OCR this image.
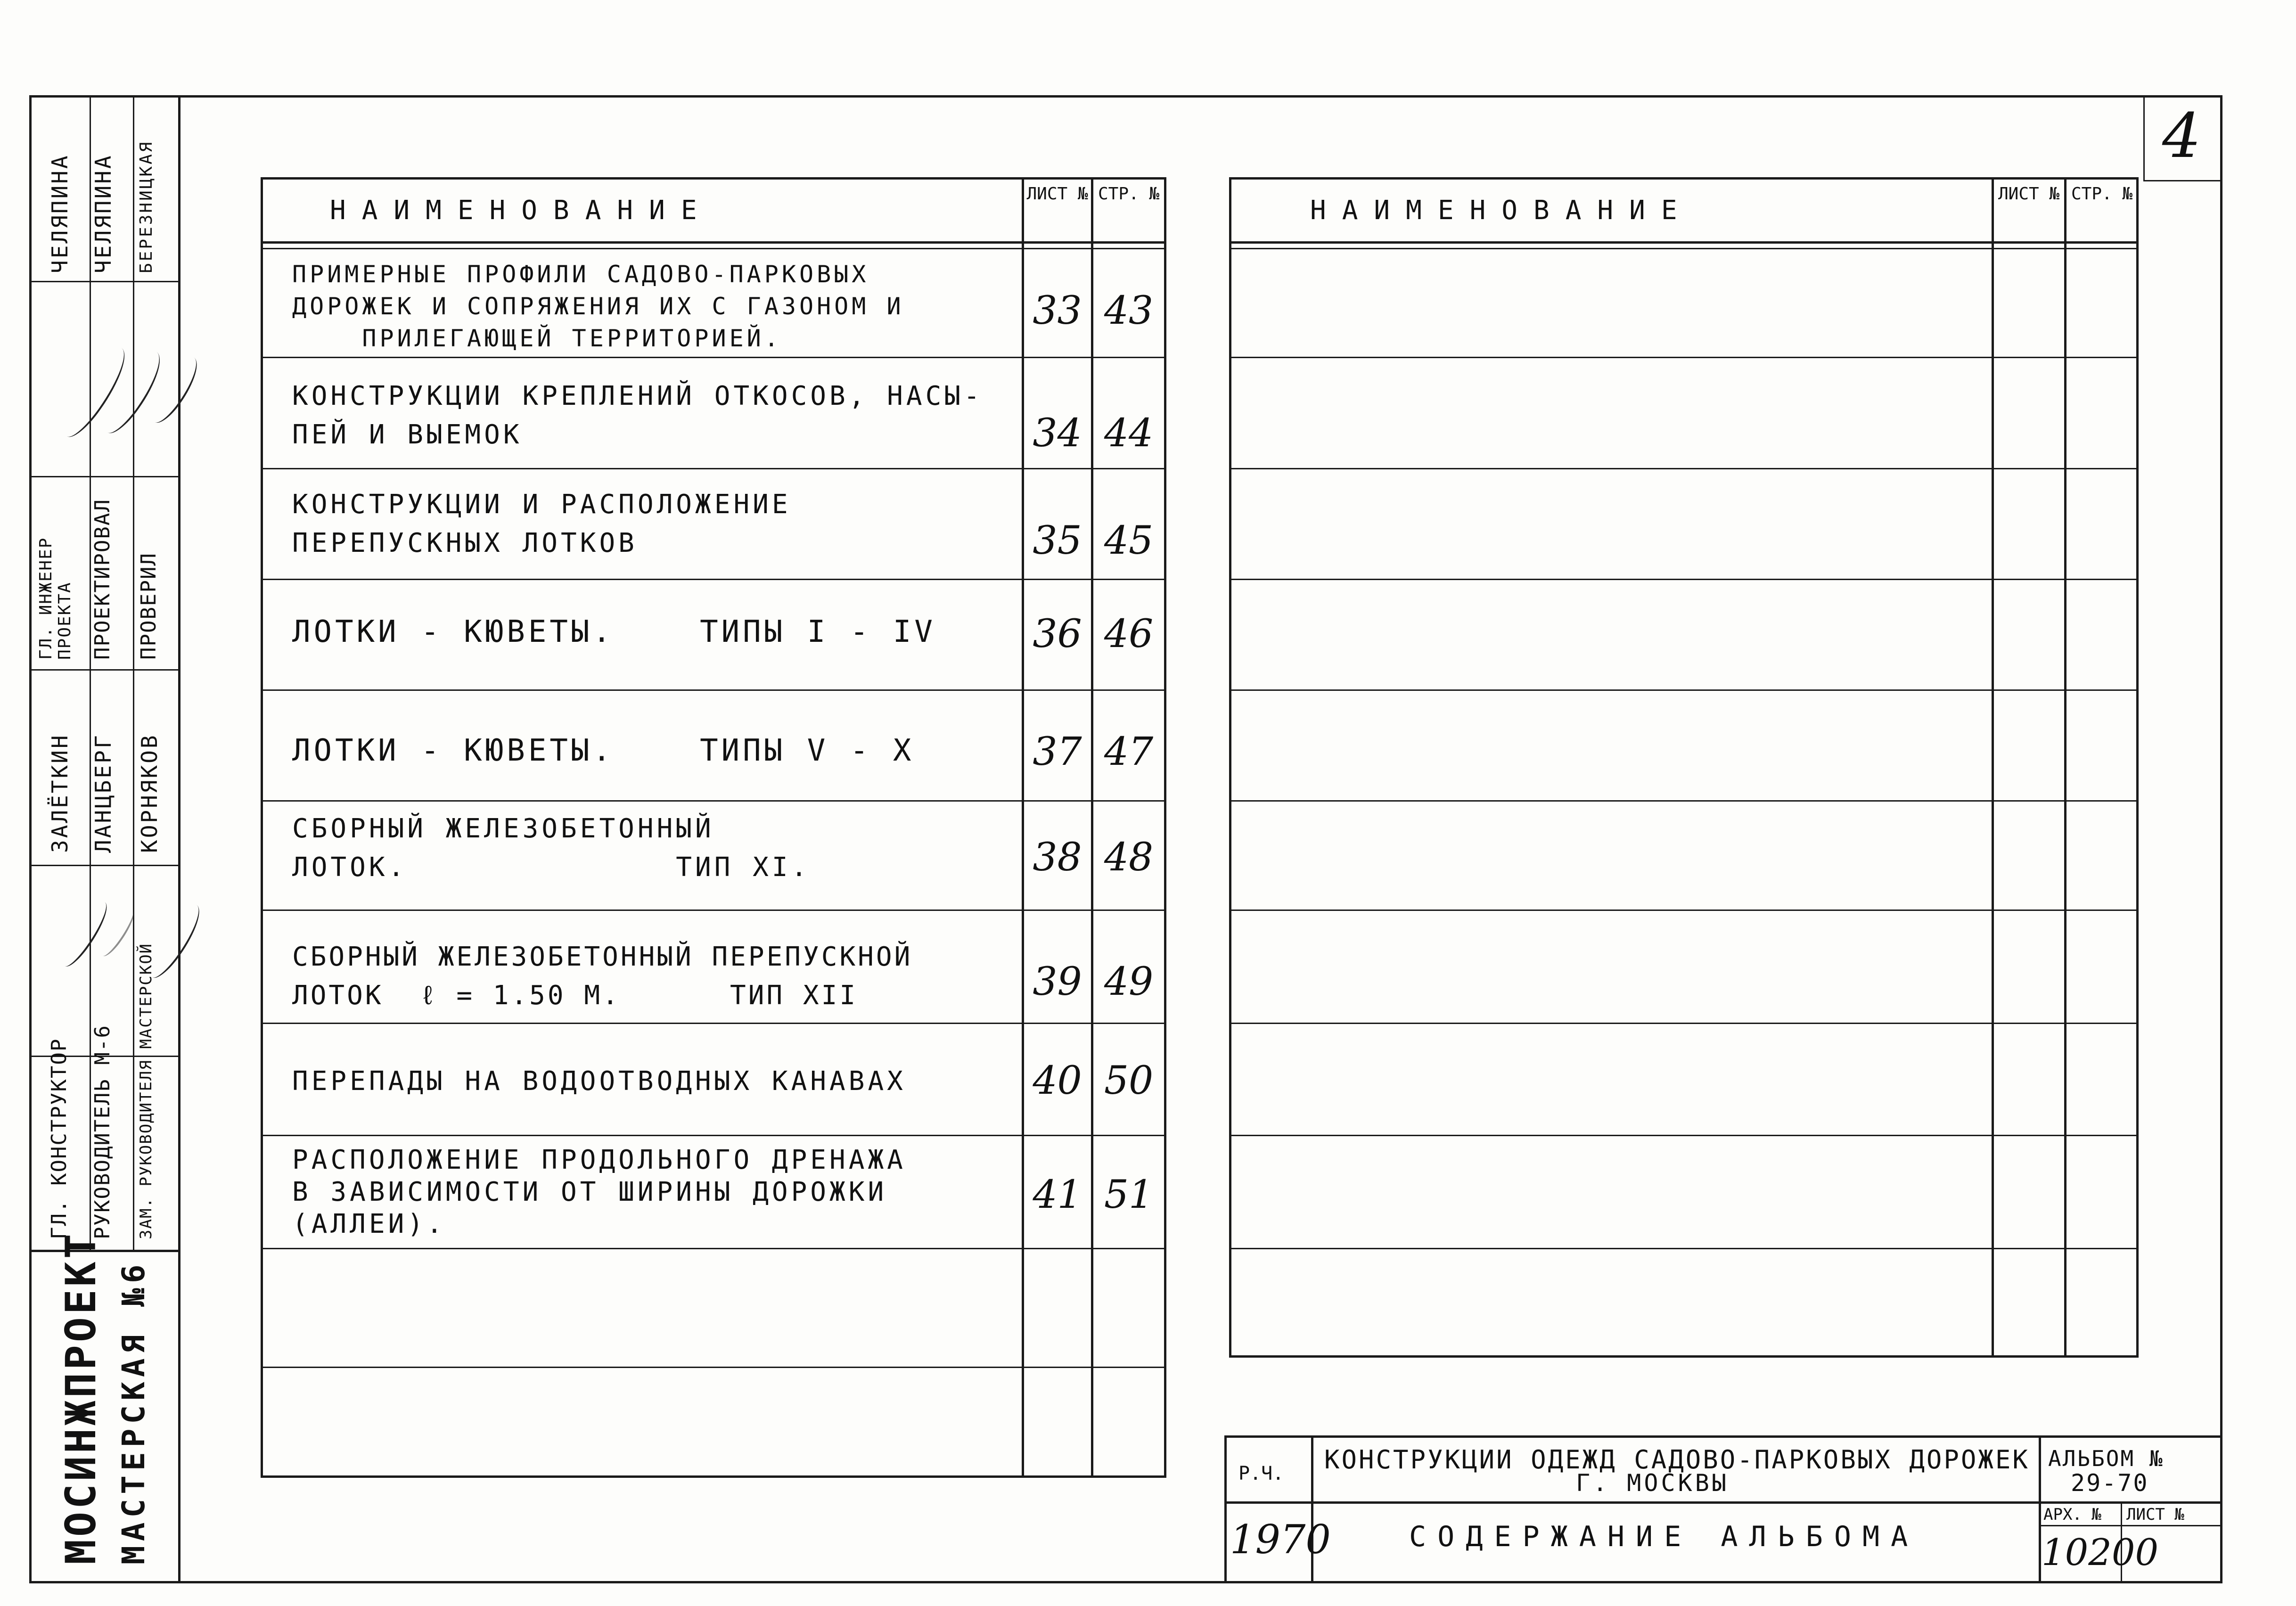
4
МОСИНЖПРОЕКТ МАСТЕРСКАЯ №6
ГЛ. КОНСТРУКТОР РУКОВОДИТЕЛЬ М-6 ЗАМ. РУКОВОДИТЕЛЯ МАСТЕРСКОЙ
ЗАЛЁТКИН ЛАНЦБЕРГ КОРНЯКОВ
ГЛ. ИНЖЕНЕР ПРОЕКТА ПРОЕКТИРОВАЛ ПРОВЕРИЛ
ЧЕЛЯПИНА ЧЕЛЯПИНА БЕРЕЗНИЦКАЯ	НАИМЕНОВАНИЕ
ЛИСТ № СТР. №
ПРИМЕРНЫЕ ПРОФИЛИ САДОВО-ПАРКОВЫХ
ДОРОЖЕК И СОПРЯЖЕНИЯ ИХ С ГАЗОНОМ И
ПРИЛЕГАЮЩЕЙ ТЕРРИТОРИЕЙ.
33 43
КОНСТРУКЦИИ КРЕПЛЕНИЙ ОТКОСОВ, НАСЫ-
ПЕЙ И ВЫЕМОК	34 44
КОНСТРУКЦИИ И РАСПОЛОЖЕНИЕ
ПЕРЕПУСКНЫХ ЛОТКОВ	35 45
ЛОТКИ - КЮВЕТЫ.    ТИПЫ I - IV	36 46
ЛОТКИ - КЮВЕТЫ.    ТИПЫ V - X	37 47
СБОРНЫЙ ЖЕЛЕЗОБЕТОННЫЙ
ЛОТОК.              ТИП XI.	38 48
СБОРНЫЙ ЖЕЛЕЗОБЕТОННЫЙ ПЕРЕПУСКНОЙ
ЛОТОК  ℓ = 1.50 М.      ТИП XII	39 49
ПЕРЕПАДЫ НА ВОДООТВОДНЫХ КАНАВАХ	40 50
РАСПОЛОЖЕНИЕ ПРОДОЛЬНОГО ДРЕНАЖА
В ЗАВИСИМОСТИ ОТ ШИРИНЫ ДОРОЖКИ
(АЛЛЕИ).
41 51
НАИМЕНОВАНИЕ
ЛИСТ № СТР. №
Р.Ч.
1970
КОНСТРУКЦИИ ОДЕЖД САДОВО-ПАРКОВЫХ ДОРОЖЕК
Г. МОСКВЫ
СОДЕРЖАНИЕ АЛЬБОМА
АЛЬБОМ №
29-70
АРХ. №
10200
ЛИСТ №
